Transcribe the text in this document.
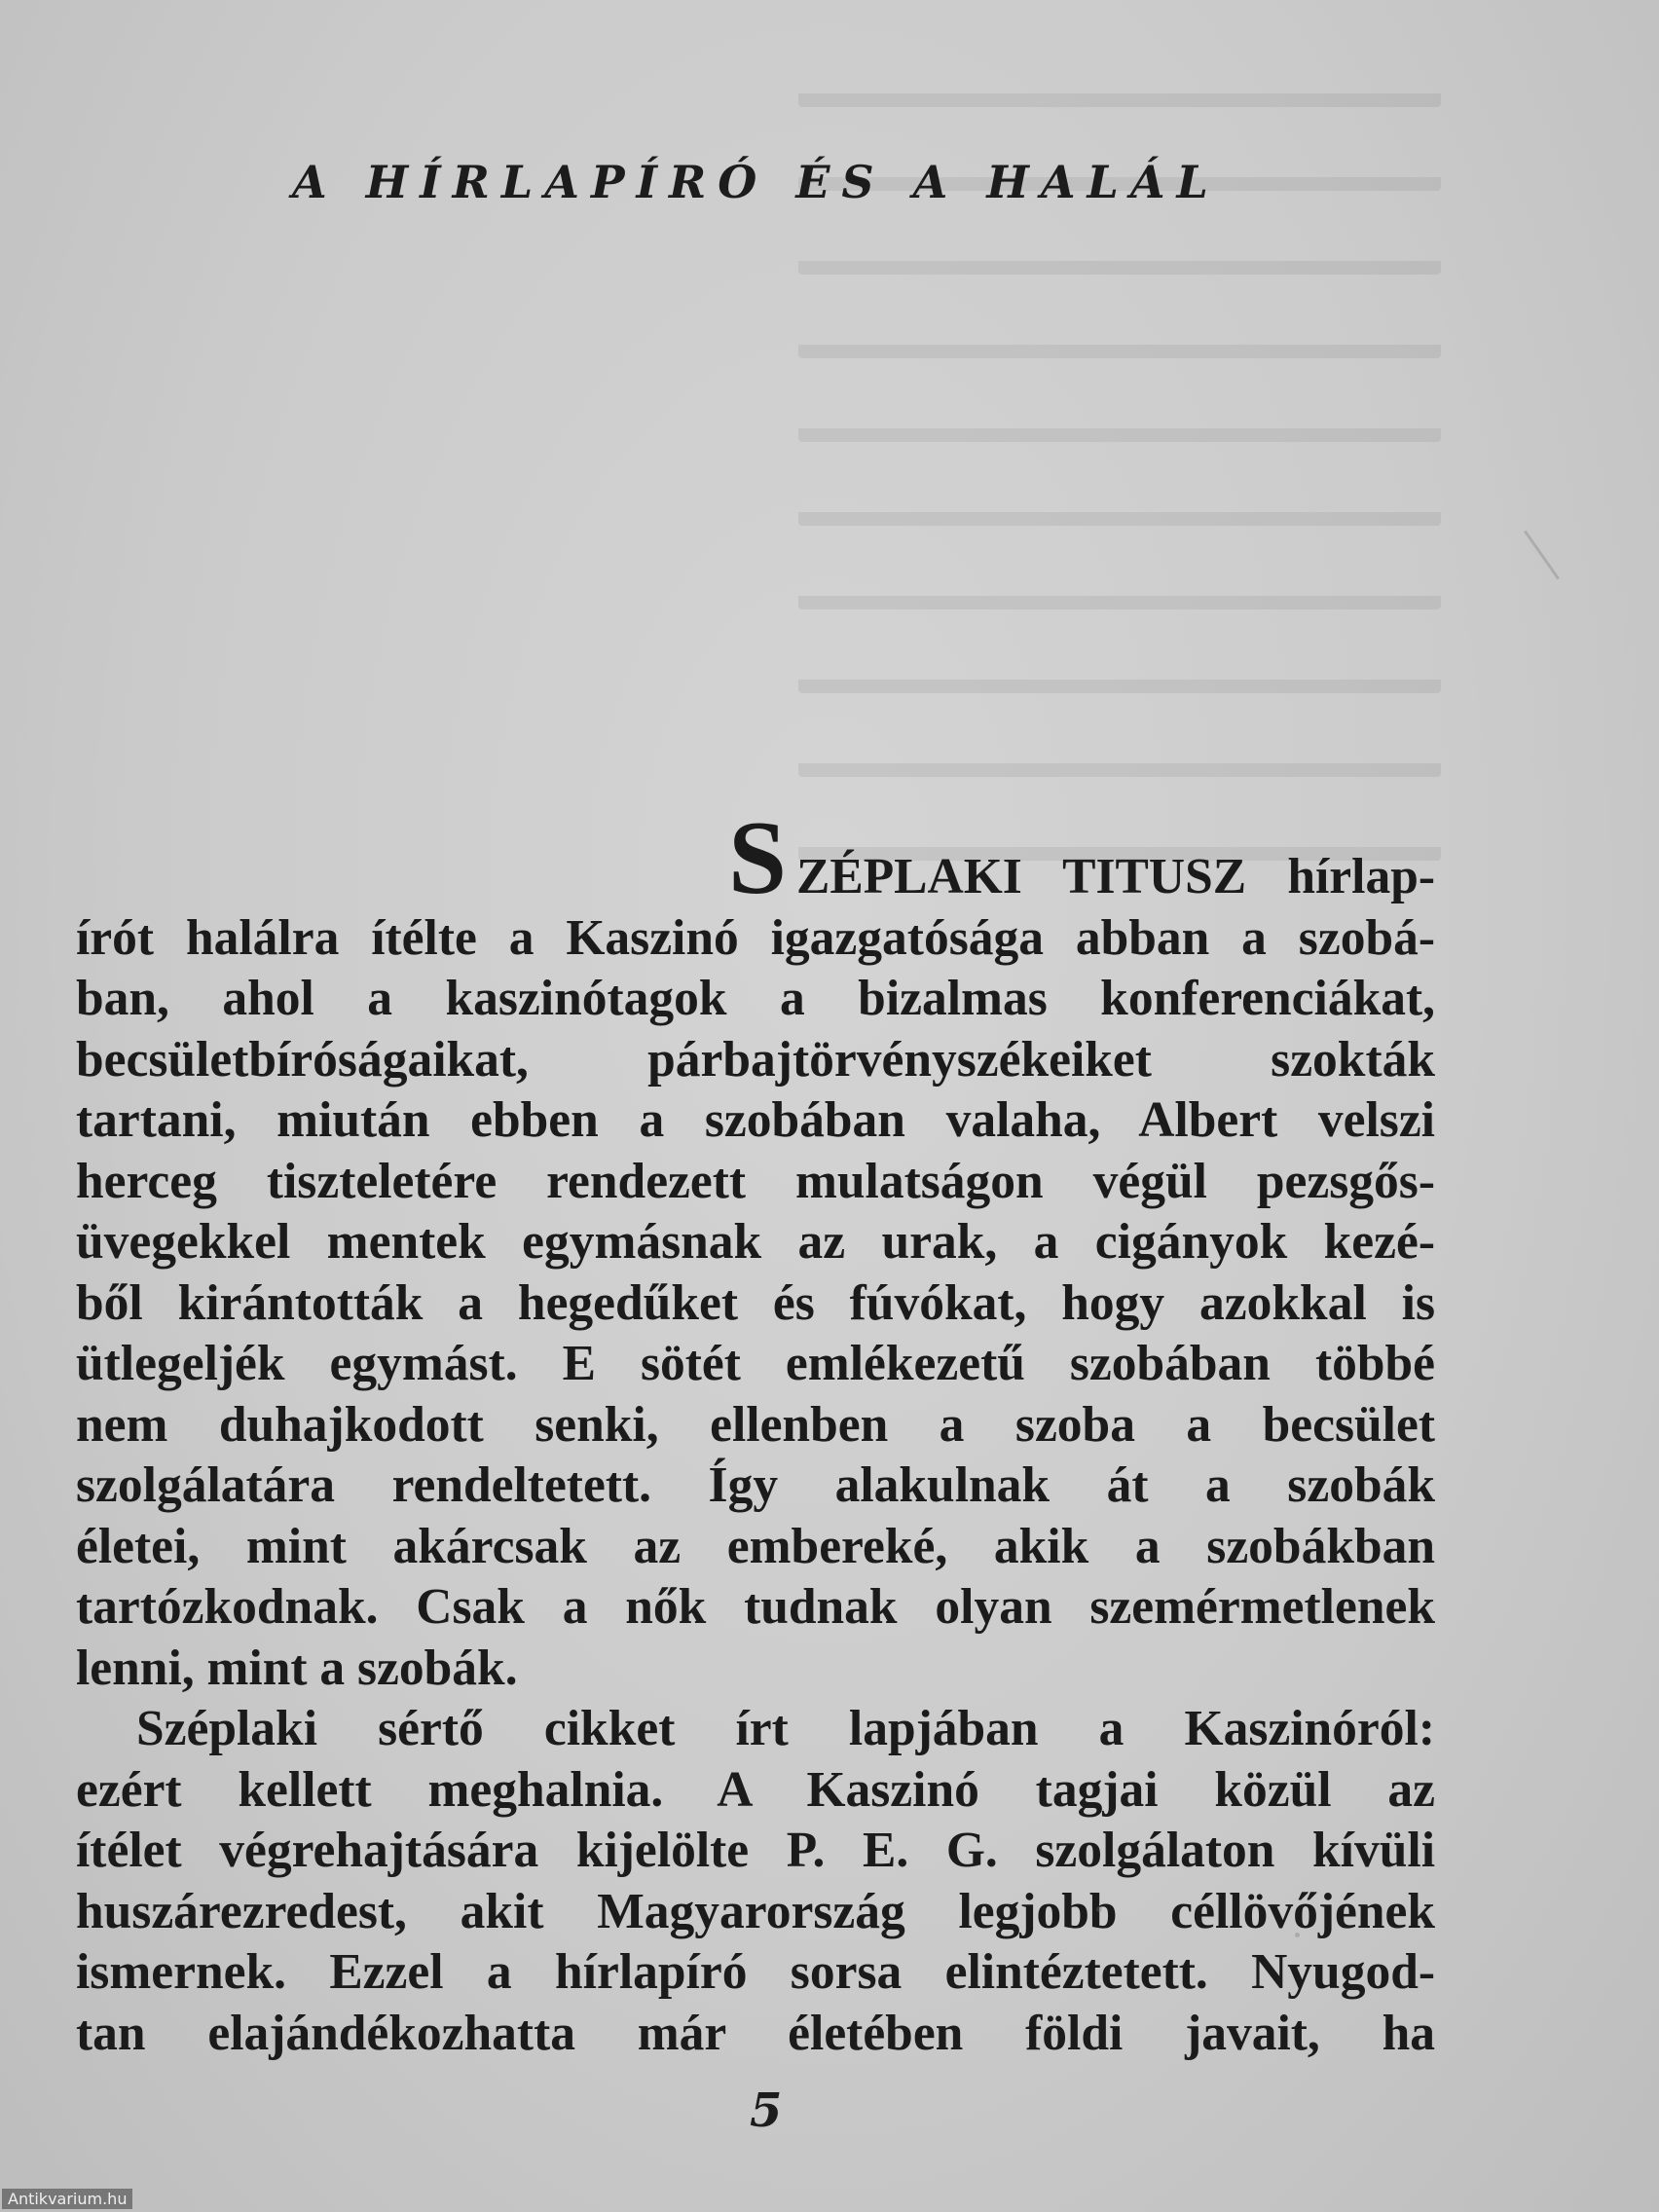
A HÍRLAPÍRÓ ÉS A HALÁL
S ZÉPLAKI TITUSZ hírlap-
írót halálra ítélte a Kaszinó igazgatósága abban a szobá-
ban, ahol a kaszinótagok a bizalmas konferenciákat,
becsületbíróságaikat, párbajtörvényszékeiket szokták
tartani, miután ebben a szobában valaha, Albert velszi
herceg tiszteletére rendezett mulatságon végül pezsgős-
üvegekkel mentek egymásnak az urak, a cigányok kezé-
ből kirántották a hegedűket és fúvókat, hogy azokkal is
ütlegeljék egymást. E sötét emlékezetű szobában többé
nem duhajkodott senki, ellenben a szoba a becsület
szolgálatára rendeltetett. Így alakulnak át a szobák
életei, mint akárcsak az embereké, akik a szobákban
tartózkodnak. Csak a nők tudnak olyan szemérmetlenek
lenni, mint a szobák.
Széplaki sértő cikket írt lapjában a Kaszinóról:
ezért kellett meghalnia. A Kaszinó tagjai közül az
ítélet végrehajtására kijelölte P. E. G. szolgálaton kívüli
huszárezredest, akit Magyarország legjobb céllövőjének
ismernek. Ezzel a hírlapíró sorsa elintéztetett. Nyugod-
tan elajándékozhatta már életében földi javait, ha
5
Antikvarium.hu
